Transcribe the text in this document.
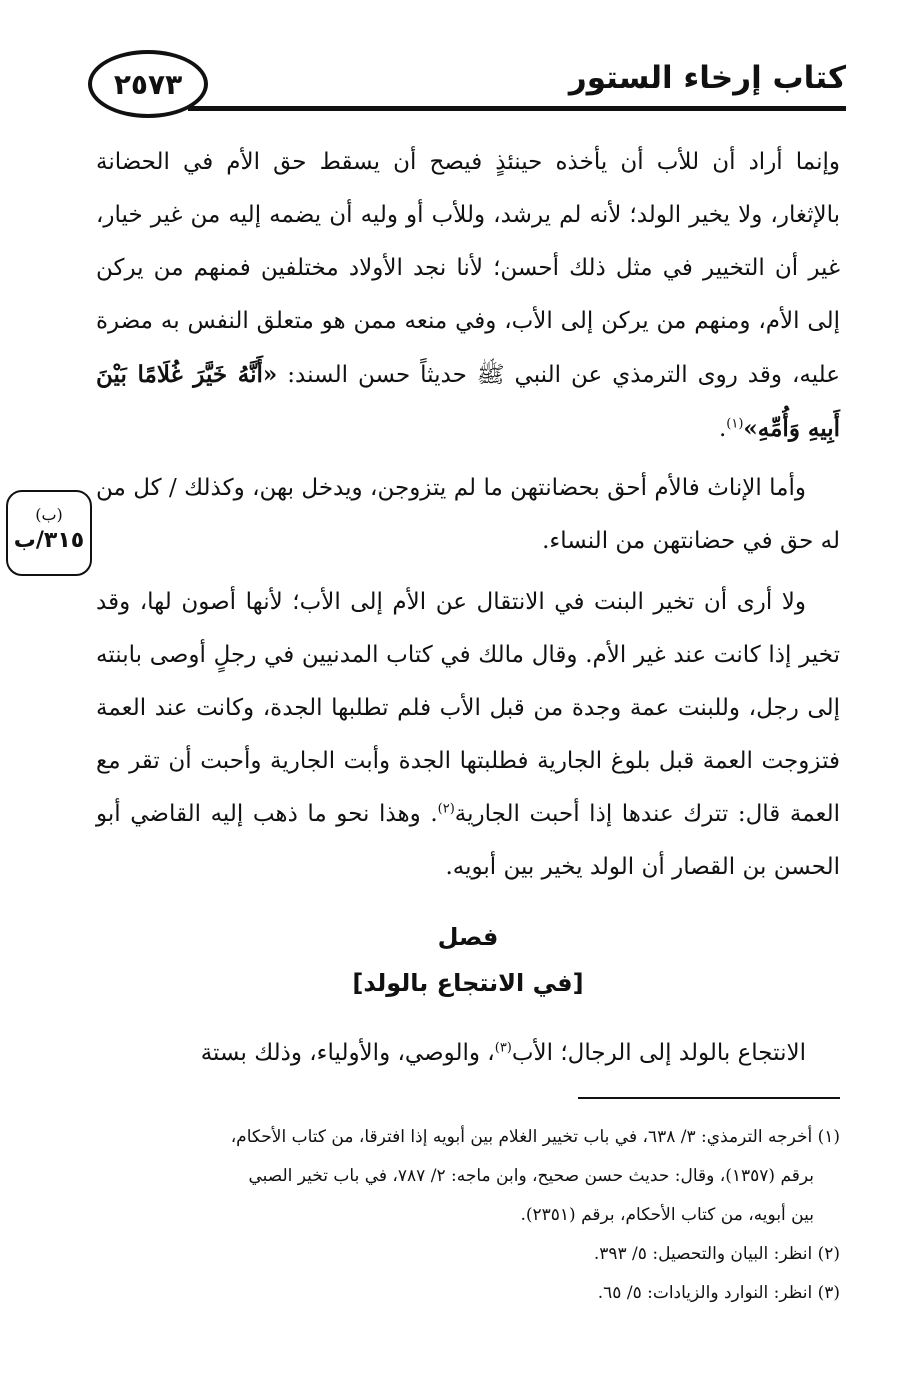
٢٥٧٣	كتاب إرخاء الستور

وإنما أراد أن للأب أن يأخذه حينئذٍ فيصح أن يسقط حق الأم في الحضانة بالإثغار، ولا يخير الولد؛ لأنه لم يرشد، وللأب أو وليه أن يضمه إليه من غير خيار، غير أن التخيير في مثل ذلك أحسن؛ لأنا نجد الأولاد مختلفين فمنهم من يركن إلى الأم، ومنهم من يركن إلى الأب، وفي منعه ممن هو متعلق النفس به مضرة عليه، وقد روى الترمذي عن النبي ﷺ حديثاً حسن السند: «أَنَّهُ خَيَّرَ غُلَامًا بَيْنَ أَبِيهِ وَأُمِّهِ»$^{(١)}$.

وأما الإناث فالأم أحق بحضانتهن ما لم يتزوجن، ويدخل بهن، وكذلك / كل من له حق في حضانتهن من النساء.

(ب)
٣١٥/ب

ولا أرى أن تخير البنت في الانتقال عن الأم إلى الأب؛ لأنها أصون لها، وقد تخير إذا كانت عند غير الأم. وقال مالك في كتاب المدنيين في رجلٍ أوصى بابنته إلى رجل، وللبنت عمة وجدة من قبل الأب فلم تطلبها الجدة، وكانت عند العمة فتزوجت العمة قبل بلوغ الجارية فطلبتها الجدة وأبت الجارية وأحبت أن تقر مع العمة قال: تترك عندها إذا أحبت الجارية$^{(٢)}$. وهذا نحو ما ذهب إليه القاضي أبو الحسن بن القصار أن الولد يخير بين أبويه.

فصل
[في الانتجاع بالولد]

الانتجاع بالولد إلى الرجال؛ الأب$^{(٣)}$، والوصي، والأولياء، وذلك بستة

(١) أخرجه الترمذي: ٣/ ٦٣٨، في باب تخيير الغلام بين أبويه إذا افترقا، من كتاب الأحكام،
برقم (١٣٥٧)، وقال: حديث حسن صحيح، وابن ماجه: ٢/ ٧٨٧، في باب تخير الصبي
بين أبويه، من كتاب الأحكام، برقم (٢٣٥١).
(٢) انظر: البيان والتحصيل: ٥/ ٣٩٣.
(٣) انظر: النوارد والزيادات: ٥/ ٦٥.
